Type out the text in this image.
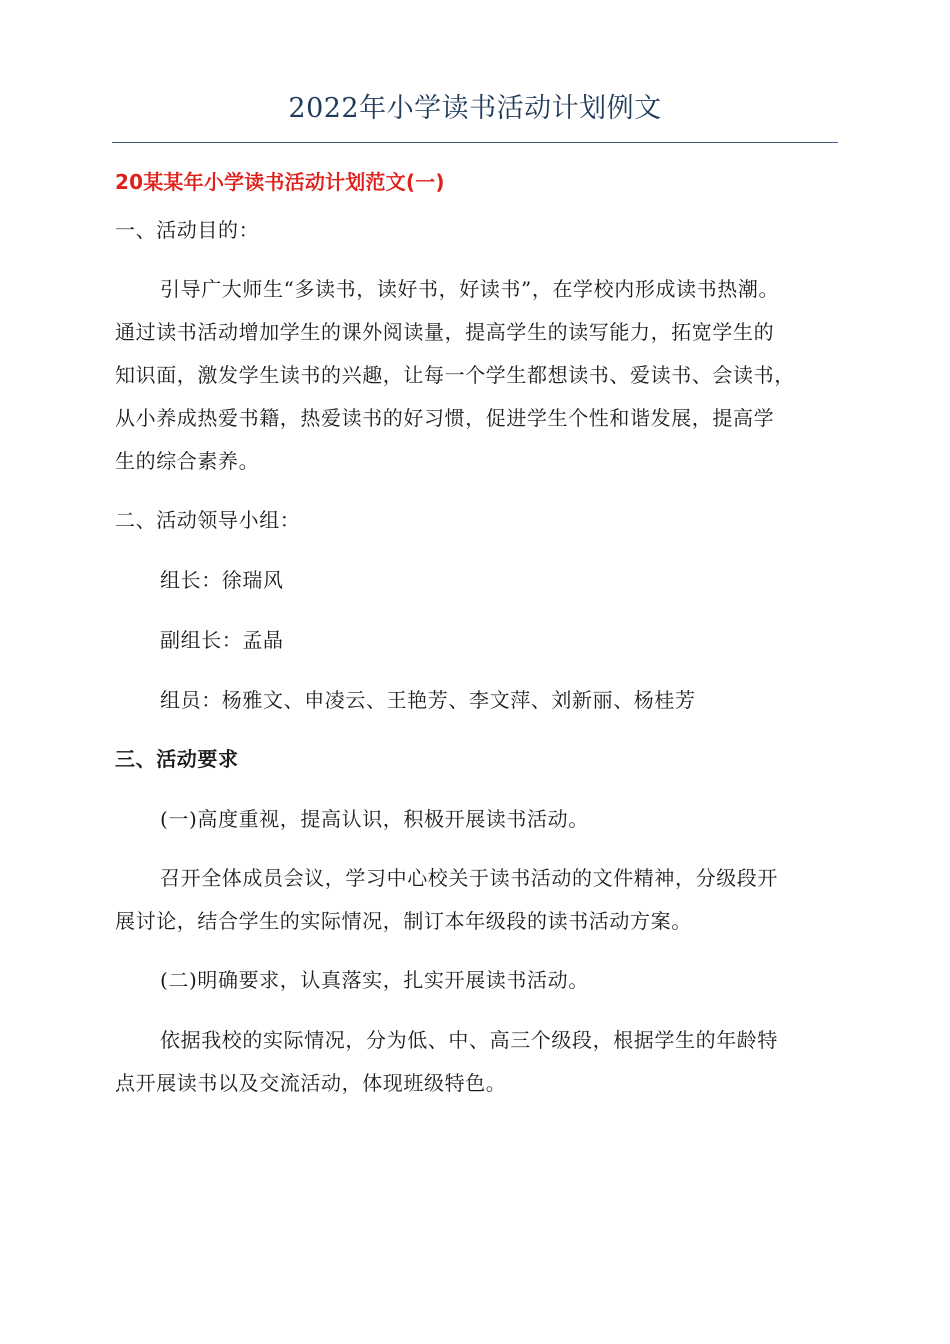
2022年小学读书活动计划例文
20某某年小学读书活动计划范文(一)
一、活动目的：
引导广大师生“多读书，读好书，好读书”，在学校内形成读书热潮。
通过读书活动增加学生的课外阅读量，提高学生的读写能力，拓宽学生的
知识面，激发学生读书的兴趣，让每一个学生都想读书、爱读书、会读书，
从小养成热爱书籍，热爱读书的好习惯，促进学生个性和谐发展，提高学
生的综合素养。
二、活动领导小组：
组长：徐瑞风
副组长：孟晶
组员：杨雅文、申凌云、王艳芳、李文萍、刘新丽、杨桂芳
三、活动要求
(一)高度重视，提高认识，积极开展读书活动。
召开全体成员会议，学习中心校关于读书活动的文件精神，分级段开
展讨论，结合学生的实际情况，制订本年级段的读书活动方案。
(二)明确要求，认真落实，扎实开展读书活动。
依据我校的实际情况，分为低、中、高三个级段，根据学生的年龄特
点开展读书以及交流活动，体现班级特色。
